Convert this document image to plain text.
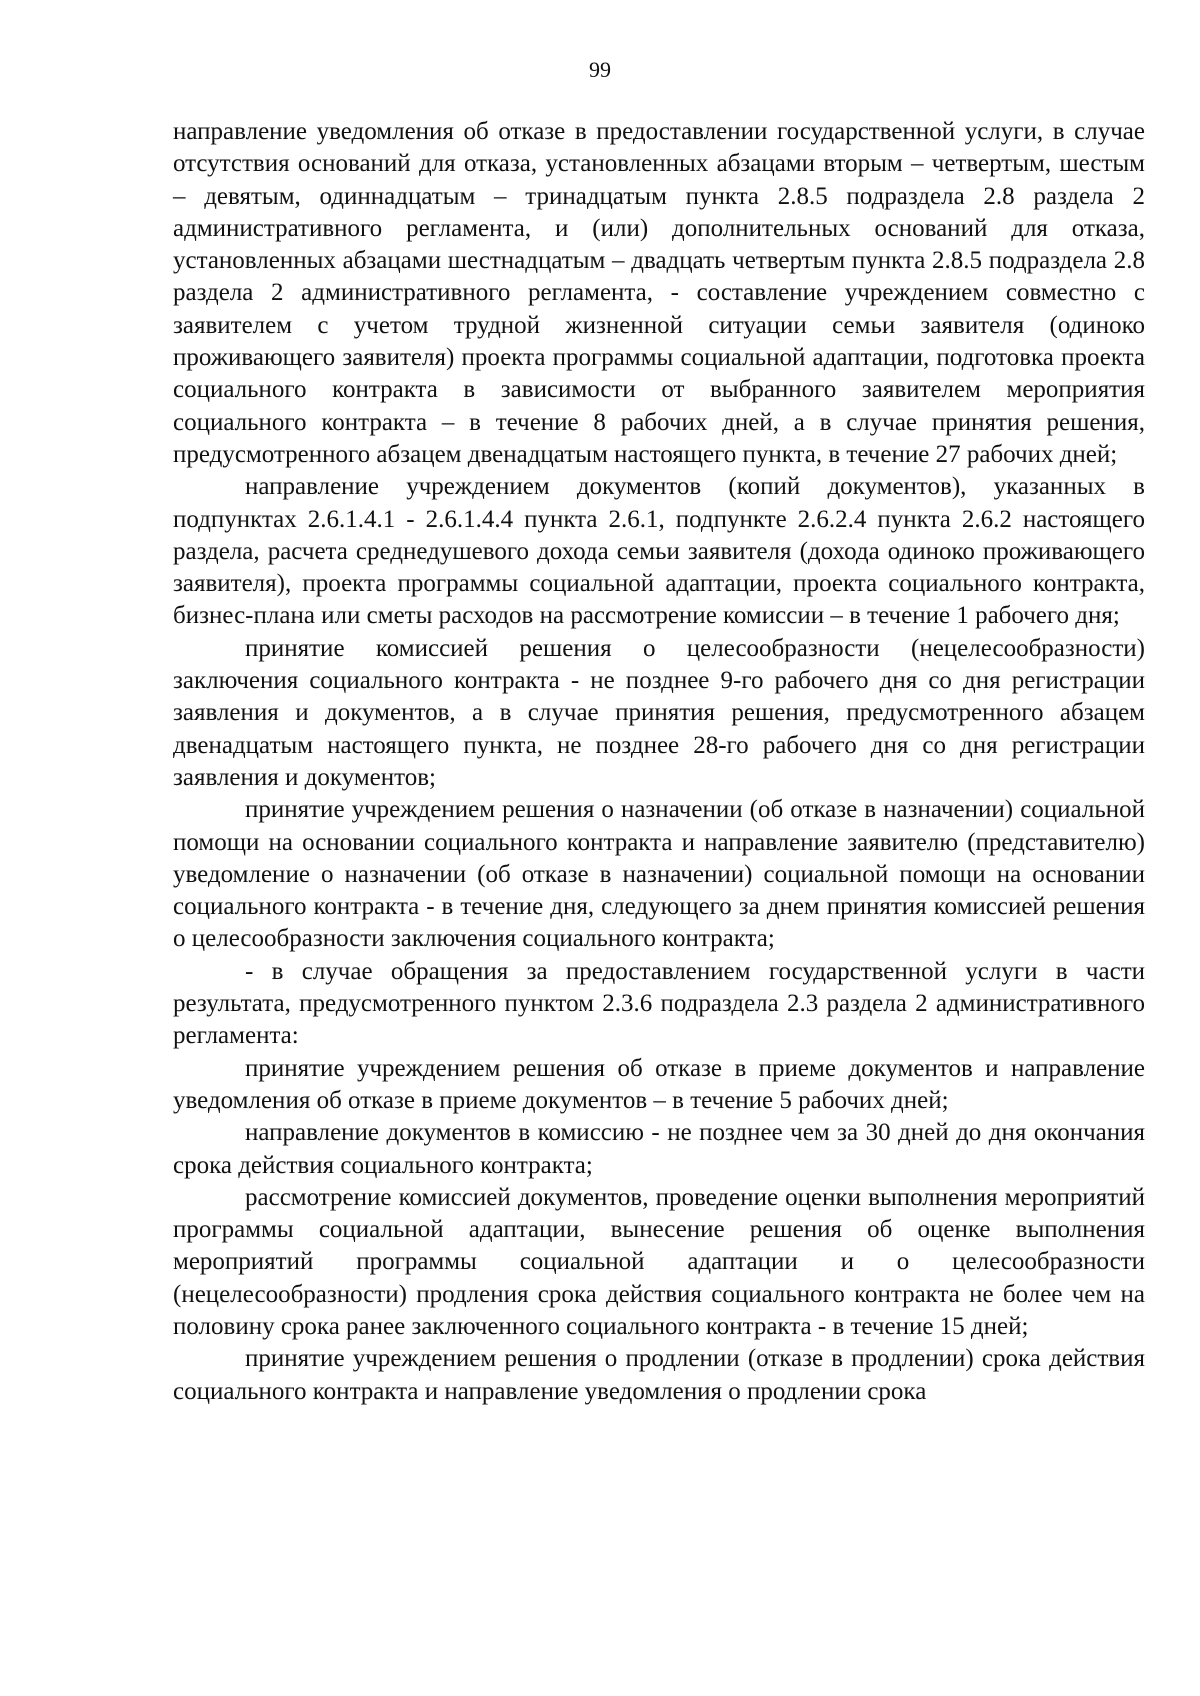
99

направление уведомления об отказе в предоставлении государственной услуги, в случае отсутствия оснований для отказа, установленных абзацами вторым – четвертым, шестым – девятым, одиннадцатым – тринадцатым пункта 2.8.5 подраздела 2.8 раздела 2 административного регламента, и (или) дополнительных оснований для отказа, установленных абзацами шестнадцатым – двадцать четвертым пункта 2.8.5 подраздела 2.8 раздела 2 административного регламента, - составление учреждением совместно с заявителем с учетом трудной жизненной ситуации семьи заявителя (одиноко проживающего заявителя) проекта программы социальной адаптации, подготовка проекта социального контракта в зависимости от выбранного заявителем мероприятия социального контракта – в течение 8 рабочих дней, а в случае принятия решения, предусмотренного абзацем двенадцатым настоящего пункта, в течение 27 рабочих дней;

направление учреждением документов (копий документов), указанных в подпунктах 2.6.1.4.1 - 2.6.1.4.4 пункта 2.6.1, подпункте 2.6.2.4 пункта 2.6.2 настоящего раздела, расчета среднедушевого дохода семьи заявителя (дохода одиноко проживающего заявителя), проекта программы социальной адаптации, проекта социального контракта, бизнес-плана или сметы расходов на рассмотрение комиссии – в течение 1 рабочего дня;

принятие комиссией решения о целесообразности (нецелесообразности) заключения социального контракта - не позднее 9-го рабочего дня со дня регистрации заявления и документов, а в случае принятия решения, предусмотренного абзацем двенадцатым настоящего пункта, не позднее 28-го рабочего дня со дня регистрации заявления и документов;

принятие учреждением решения о назначении (об отказе в назначении) социальной помощи на основании социального контракта и направление заявителю (представителю) уведомление о назначении (об отказе в назначении) социальной помощи на основании социального контракта - в течение дня, следующего за днем принятия комиссией решения о целесообразности заключения социального контракта;

- в случае обращения за предоставлением государственной услуги в части результата, предусмотренного пунктом 2.3.6 подраздела 2.3 раздела 2 административного регламента:

принятие учреждением решения об отказе в приеме документов и направление уведомления об отказе в приеме документов – в течение 5 рабочих дней;

направление документов в комиссию - не позднее чем за 30 дней до дня окончания срока действия социального контракта;

рассмотрение комиссией документов, проведение оценки выполнения мероприятий программы социальной адаптации, вынесение решения об оценке выполнения мероприятий программы социальной адаптации и о целесообразности (нецелесообразности) продления срока действия социального контракта не более чем на половину срока ранее заключенного социального контракта - в течение 15 дней;

принятие учреждением решения о продлении (отказе в продлении) срока действия социального контракта и направление уведомления о продлении срока
